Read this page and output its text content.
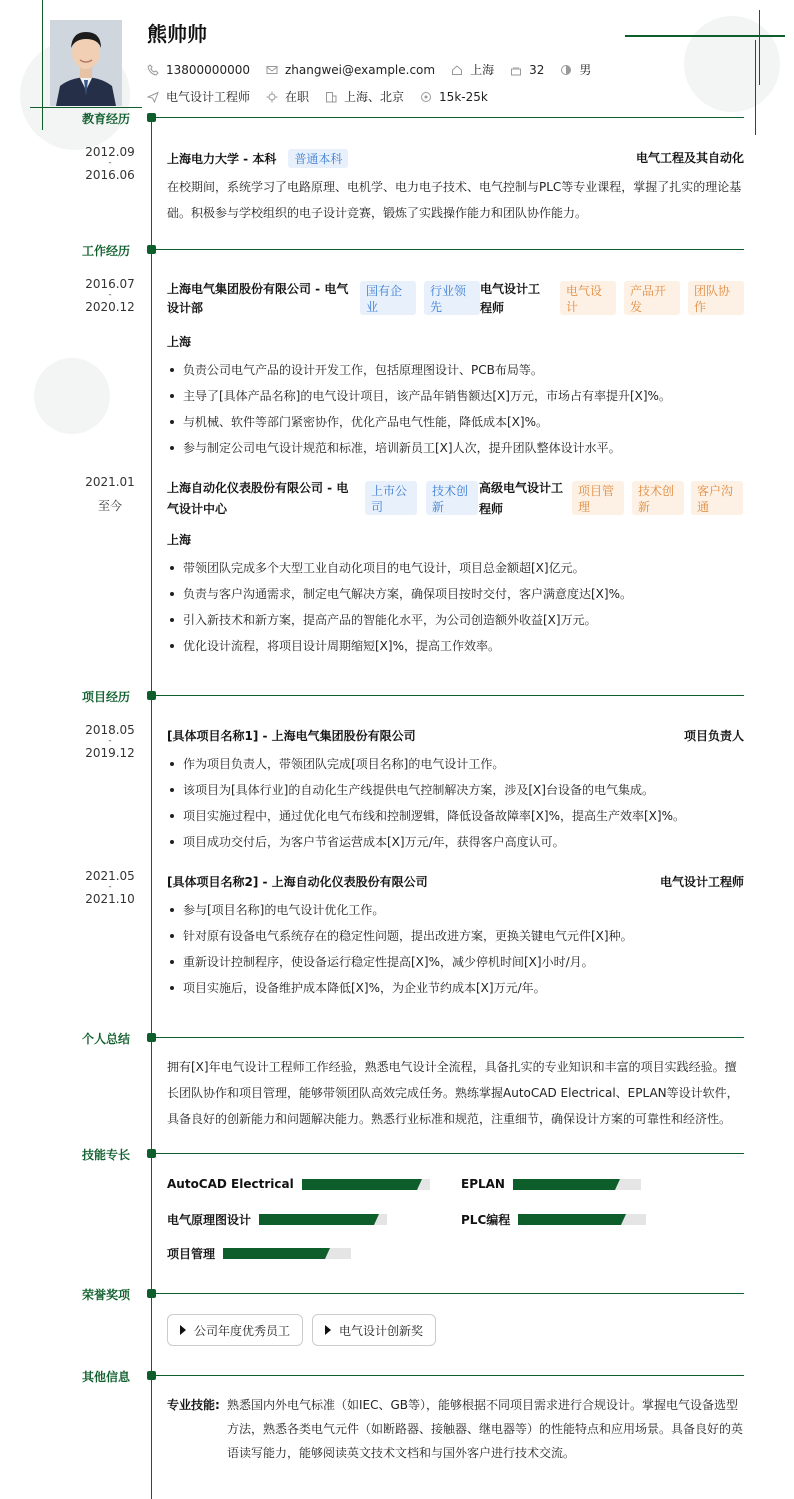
熊帅帅
13800000000	zhangwei@example.com	上海	32	男
电气设计工程师	在职	上海、北京	15k-25k
教育经历
2012.09
-
2016.06
上海电力大学 - 本科	普通本科	电气工程及其自动化
在校期间，系统学习了电路原理、电机学、电力电子技术、电气控制与PLC等专业课程，掌握了扎实的理论基础。积极参与学校组织的电子设计竞赛，锻炼了实践操作能力和团队协作能力。
工作经历
2016.07
-
2020.12
上海电气集团股份有限公司 - 电气设计部
国有企业
行业领先
电气设计工程师
电气设计
产品开发
团队协作
上海
负责公司电气产品的设计开发工作，包括原理图设计、PCB布局等。
主导了[具体产品名称]的电气设计项目，该产品年销售额达[X]万元，市场占有率提升[X]%。
与机械、软件等部门紧密协作，优化产品电气性能，降低成本[X]%。
参与制定公司电气设计规范和标准，培训新员工[X]人次，提升团队整体设计水平。
2021.01
至今
上海自动化仪表股份有限公司 - 电气设计中心
上市公司
技术创新
高级电气设计工程师
项目管理
技术创新
客户沟通
上海
带领团队完成多个大型工业自动化项目的电气设计，项目总金额超[X]亿元。
负责与客户沟通需求，制定电气解决方案，确保项目按时交付，客户满意度达[X]%。
引入新技术和新方案，提高产品的智能化水平，为公司创造额外收益[X]万元。
优化设计流程，将项目设计周期缩短[X]%，提高工作效率。
项目经历
2018.05
-
2019.12
[具体项目名称1] - 上海电气集团股份有限公司	项目负责人
作为项目负责人，带领团队完成[项目名称]的电气设计工作。
该项目为[具体行业]的自动化生产线提供电气控制解决方案，涉及[X]台设备的电气集成。
项目实施过程中，通过优化电气布线和控制逻辑，降低设备故障率[X]%，提高生产效率[X]%。
项目成功交付后，为客户节省运营成本[X]万元/年，获得客户高度认可。
2021.05
-
2021.10
[具体项目名称2] - 上海自动化仪表股份有限公司	电气设计工程师
参与[项目名称]的电气设计优化工作。
针对原有设备电气系统存在的稳定性问题，提出改进方案，更换关键电气元件[X]种。
重新设计控制程序，使设备运行稳定性提高[X]%，减少停机时间[X]小时/月。
项目实施后，设备维护成本降低[X]%，为企业节约成本[X]万元/年。
个人总结
拥有[X]年电气设计工程师工作经验，熟悉电气设计全流程，具备扎实的专业知识和丰富的项目实践经验。擅长团队协作和项目管理，能够带领团队高效完成任务。熟练掌握AutoCAD Electrical、EPLAN等设计软件，具备良好的创新能力和问题解决能力。熟悉行业标准和规范，注重细节，确保设计方案的可靠性和经济性。
技能专长
AutoCAD Electrical	EPLAN
电气原理图设计	PLC编程
项目管理
荣誉奖项
公司年度优秀员工	电气设计创新奖
其他信息
专业技能: 熟悉国内外电气标准（如IEC、GB等），能够根据不同项目需求进行合规设计。掌握电气设备选型方法，熟悉各类电气元件（如断路器、接触器、继电器等）的性能特点和应用场景。具备良好的英语读写能力，能够阅读英文技术文档和与国外客户进行技术交流。
